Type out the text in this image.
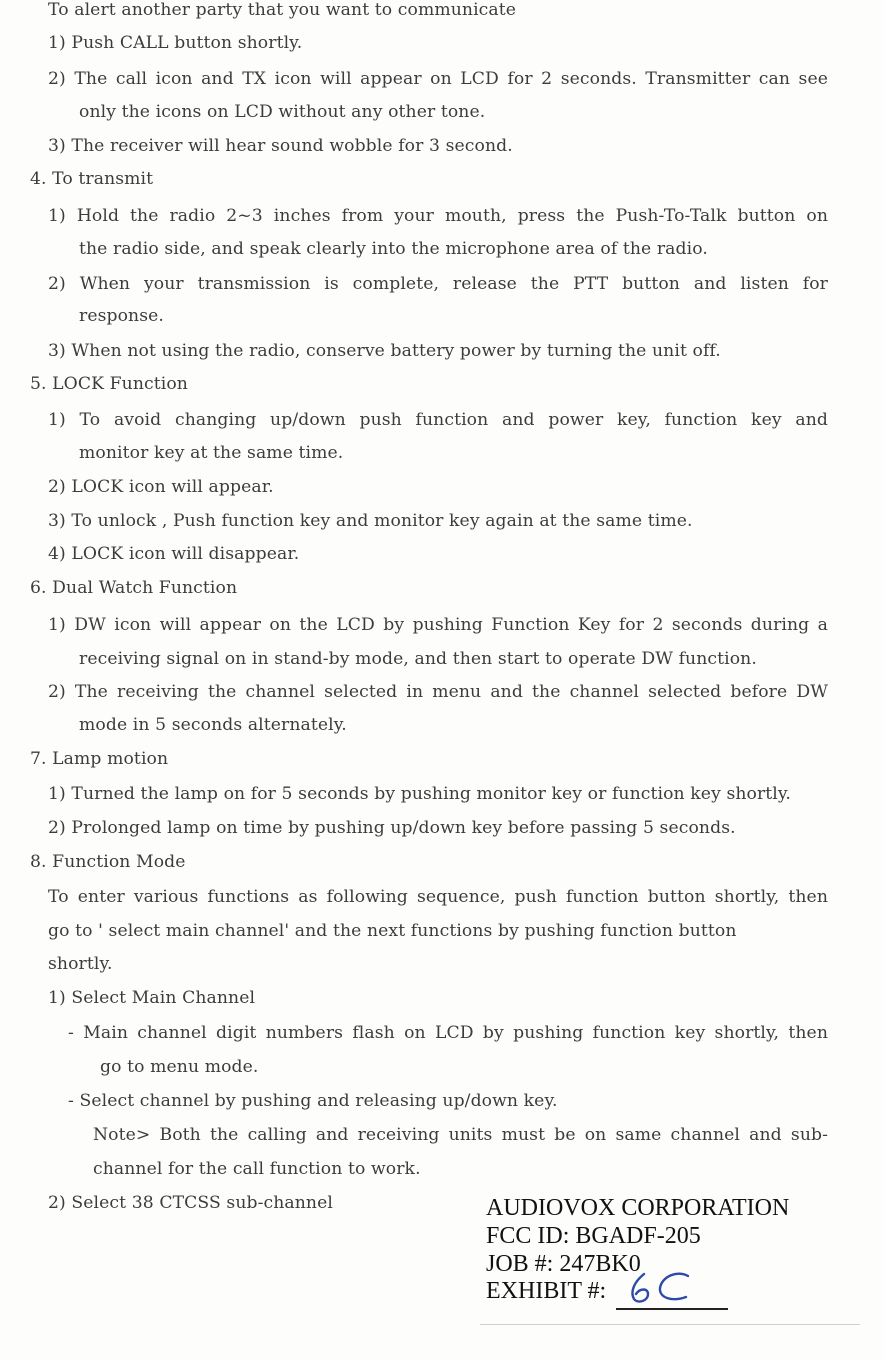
To alert another party that you want to communicate
1) Push CALL button shortly.
2) The call icon and TX icon will appear on LCD for 2 seconds. Transmitter can see
only the icons on LCD without any other tone.
3) The receiver will hear sound wobble for 3 second.
4. To transmit
1) Hold the radio 2~3 inches from your mouth, press the Push-To-Talk button on
the radio side, and speak clearly into the microphone area of the radio.
2) When your transmission is complete, release the PTT button and listen for
response.
3) When not using the radio, conserve battery power by turning the unit off.
5. LOCK Function
1) To avoid changing up/down push function and power key, function key and
monitor key at the same time.
2) LOCK icon will appear.
3) To unlock , Push function key and monitor key again at the same time.
4) LOCK icon will disappear.
6. Dual Watch Function
1) DW icon will appear on the LCD by pushing Function Key for 2 seconds during a
receiving signal on in stand-by mode, and then start to operate DW function.
2) The receiving the channel selected in menu and the channel selected before DW
mode in 5 seconds alternately.
7. Lamp motion
1) Turned the lamp on for 5 seconds by pushing monitor key or function key shortly.
2) Prolonged lamp on time by pushing up/down key before passing 5 seconds.
8. Function Mode
To enter various functions as following sequence, push function button shortly, then
go to ' select main channel' and the next functions by pushing function button
shortly.
1) Select Main Channel
- Main channel digit numbers flash on LCD by pushing function key shortly, then
go to menu mode.
- Select channel by pushing and releasing up/down key.
Note> Both the calling and receiving units must be on same channel and sub-
channel for the call function to work.
2) Select 38 CTCSS sub-channel	AUDIOVOX CORPORATION
FCC ID: BGADF-205
JOB #: 247BK0
EXHIBIT #:
